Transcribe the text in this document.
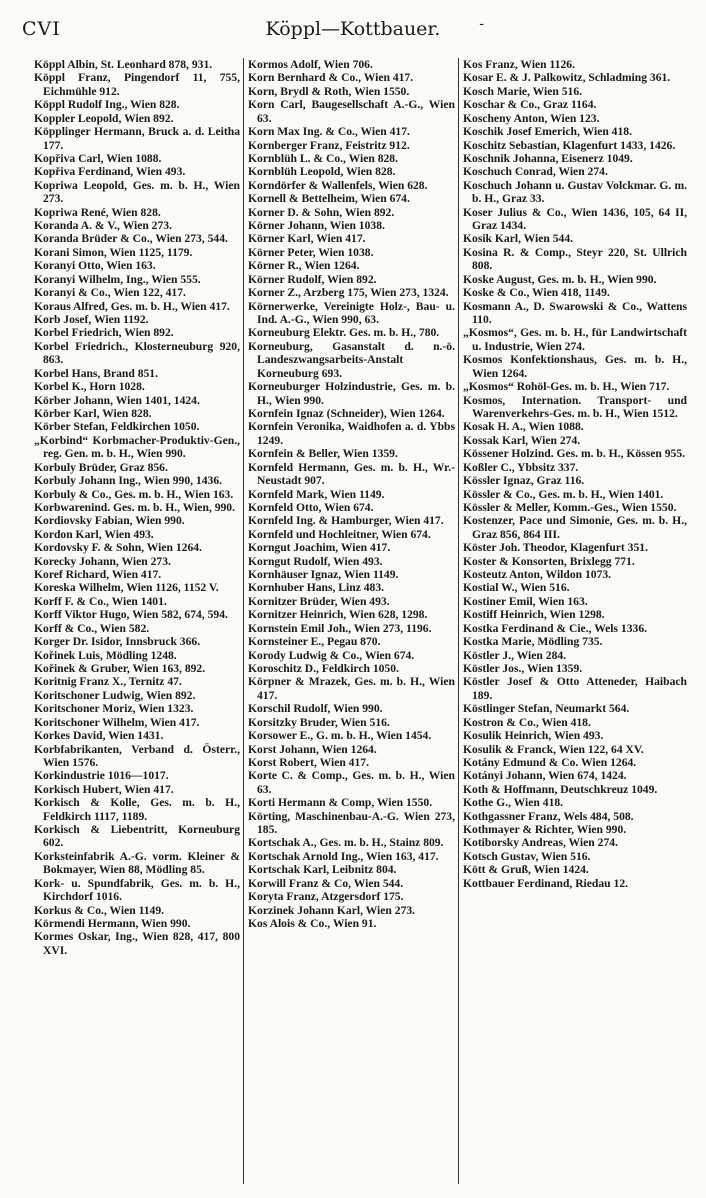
CVI	Köppl—Kottbauer.	-

Köppl Albin, St. Leonhard 878, 931.

Köppl Franz, Pingendorf 11, 755, Eichmühle 912.

Köppl Rudolf Ing., Wien 828.

Koppler Leopold, Wien 892.

Köpplinger Hermann, Bruck a. d. Leitha 177.

Kopřiva Carl, Wien 1088.

Kopřiva Ferdinand, Wien 493.

Kopriwa Leopold, Ges. m. b. H., Wien 273.

Kopriwa René, Wien 828.

Koranda A. & V., Wien 273.

Koranda Brüder & Co., Wien 273, 544.

Korani Simon, Wien 1125, 1179.

Koranyi Otto, Wien 163.

Koranyi Wilhelm, Ing., Wien 555.

Koranyi & Co., Wien 122, 417.

Koraus Alfred, Ges. m. b. H., Wien 417.

Korb Josef, Wien 1192.

Korbel Friedrich, Wien 892.

Korbel Friedrich., Klosterneuburg 920, 863.

Korbel Hans, Brand 851.

Korbel K., Horn 1028.

Körber Johann, Wien 1401, 1424.

Körber Karl, Wien 828.

Körber Stefan, Feldkirchen 1050.

„Korbind“ Korbmacher-Produktiv-Gen., reg. Gen. m. b. H., Wien 990.

Korbuly Brüder, Graz 856.

Korbuly Johann Ing., Wien 990, 1436.

Korbuly & Co., Ges. m. b. H., Wien 163.

Korbwarenind. Ges. m. b. H., Wien, 990.

Kordiovsky Fabian, Wien 990.

Kordon Karl, Wien 493.

Kordovsky F. & Sohn, Wien 1264.

Korecky Johann, Wien 273.

Koref Richard, Wien 417.

Koreska Wilhelm, Wien 1126, 1152 V.

Korff F. & Co., Wien 1401.

Korff Viktor Hugo, Wien 582, 674, 594.

Korff & Co., Wien 582.

Korger Dr. Isidor, Innsbruck 366.

Kořinek Luis, Mödling 1248.

Kořinek & Gruber, Wien 163, 892.

Koritnig Franz X., Ternitz 47.

Koritschoner Ludwig, Wien 892.

Koritschoner Moriz, Wien 1323.

Koritschoner Wilhelm, Wien 417.

Korkes David, Wien 1431.

Korbfabrikanten, Verband d. Österr., Wien 1576.

Korkindustrie 1016—1017.

Korkisch Hubert, Wien 417.

Korkisch & Kolle, Ges. m. b. H., Feldkirch 1117, 1189.

Korkisch & Liebentritt, Korneuburg 602.

Korksteinfabrik A.-G. vorm. Kleiner & Bokmayer, Wien 88, Mödling 85.

Kork- u. Spundfabrik, Ges. m. b. H., Kirchdorf 1016.

Korkus & Co., Wien 1149.

Körmendi Hermann, Wien 990.

Kormes Oskar, Ing., Wien 828, 417, 800 XVI.

Kormos Adolf, Wien 706.

Korn Bernhard & Co., Wien 417.

Korn, Brydl & Roth, Wien 1550.

Korn Carl, Baugesellschaft A.-G., Wien 63.

Korn Max Ing. & Co., Wien 417.

Kornberger Franz, Feistritz 912.

Kornblüh L. & Co., Wien 828.

Kornblüh Leopold, Wien 828.

Korndörfer & Wallenfels, Wien 628.

Kornell & Bettelheim, Wien 674.

Korner D. & Sohn, Wien 892.

Körner Johann, Wien 1038.

Körner Karl, Wien 417.

Körner Peter, Wien 1038.

Körner R., Wien 1264.

Körner Rudolf, Wien 892.

Korner Z., Arzberg 175, Wien 273, 1324.

Körnerwerke, Vereinigte Holz-, Bau- u. Ind. A.-G., Wien 990, 63.

Korneuburg Elektr. Ges. m. b. H., 780.

Korneuburg, Gasanstalt d. n.-ö. Landeszwangsarbeits-Anstalt Korneuburg 693.

Korneuburger Holzindustrie, Ges. m. b. H., Wien 990.

Kornfein Ignaz (Schneider), Wien 1264.

Kornfein Veronika, Waidhofen a. d. Ybbs 1249.

Kornfein & Beller, Wien 1359.

Kornfeld Hermann, Ges. m. b. H., Wr.-Neustadt 907.

Kornfeld Mark, Wien 1149.

Kornfeld Otto, Wien 674.

Kornfeld Ing. & Hamburger, Wien 417.

Kornfeld und Hochleitner, Wien 674.

Korngut Joachim, Wien 417.

Korngut Rudolf, Wien 493.

Kornhäuser Ignaz, Wien 1149.

Kornhuber Hans, Linz 483.

Kornitzer Brüder, Wien 493.

Kornitzer Heinrich, Wien 628, 1298.

Kornstein Emil Joh., Wien 273, 1196.

Kornsteiner E., Pegau 870.

Korody Ludwig & Co., Wien 674.

Koroschitz D., Feldkirch 1050.

Körpner & Mrazek, Ges. m. b. H., Wien 417.

Korschil Rudolf, Wien 990.

Korsitzky Bruder, Wien 516.

Korsower E., G. m. b. H., Wien 1454.

Korst Johann, Wien 1264.

Korst Robert, Wien 417.

Korte C. & Comp., Ges. m. b. H., Wien 63.

Korti Hermann & Comp, Wien 1550.

Körting, Maschinenbau-A.-G. Wien 273, 185.

Kortschak A., Ges. m. b. H., Stainz 809.

Kortschak Arnold Ing., Wien 163, 417.

Kortschak Karl, Leibnitz 804.

Korwill Franz & Co, Wien 544.

Koryta Franz, Atzgersdorf 175.

Korzinek Johann Karl, Wien 273.

Kos Alois & Co., Wien 91.

Kos Franz, Wien 1126.

Kosar E. & J. Palkowitz, Schladming 361.

Kosch Marie, Wien 516.

Koschar & Co., Graz 1164.

Koscheny Anton, Wien 123.

Koschik Josef Emerich, Wien 418.

Koschitz Sebastian, Klagenfurt 1433, 1426.

Koschnik Johanna, Eisenerz 1049.

Koschuch Conrad, Wien 274.

Koschuch Johann u. Gustav Volckmar. G. m. b. H., Graz 33.

Koser Julius & Co., Wien 1436, 105, 64 II, Graz 1434.

Kosik Karl, Wien 544.

Kosina R. & Comp., Steyr 220, St. Ullrich 808.

Koske August, Ges. m. b. H., Wien 990.

Koske & Co., Wien 418, 1149.

Kosmann A., D. Swarowski & Co., Wattens 110.

„Kosmos“, Ges. m. b. H., für Landwirtschaft u. Industrie, Wien 274.

Kosmos Konfektionshaus, Ges. m. b. H., Wien 1264.

„Kosmos“ Rohöl-Ges. m. b. H., Wien 717.

Kosmos, Internation. Transport- und Warenverkehrs-Ges. m. b. H., Wien 1512.

Kosak H. A., Wien 1088.

Kossak Karl, Wien 274.

Kössener Holzind. Ges. m. b. H., Kössen 955.

Koßler C., Ybbsitz 337.

Kössler Ignaz, Graz 116.

Kössler & Co., Ges. m. b. H., Wien 1401.

Kössler & Meller, Komm.-Ges., Wien 1550.

Kostenzer, Pace und Simonie, Ges. m. b. H., Graz 856, 864 III.

Köster Joh. Theodor, Klagenfurt 351.

Koster & Konsorten, Brixlegg 771.

Kosteutz Anton, Wildon 1073.

Kostial W., Wien 516.

Kostiner Emil, Wien 163.

Kostiff Heinrich, Wien 1298.

Kostka Ferdinand & Cie., Wels 1336.

Kostka Marie, Mödling 735.

Köstler J., Wien 284.

Köstler Jos., Wien 1359.

Köstler Josef & Otto Atteneder, Haibach 189.

Köstlinger Stefan, Neumarkt 564.

Kostron & Co., Wien 418.

Kosulik Heinrich, Wien 493.

Kosulik & Franck, Wien 122, 64 XV.

Kotány Edmund & Co. Wien 1264.

Kotányi Johann, Wien 674, 1424.

Koth & Hoffmann, Deutschkreuz 1049.

Kothe G., Wien 418.

Kothgassner Franz, Wels 484, 508.

Kothmayer & Richter, Wien 990.

Kotiborsky Andreas, Wien 274.

Kotsch Gustav, Wien 516.

Kött & Gruß, Wien 1424.

Kottbauer Ferdinand, Riedau 12.
